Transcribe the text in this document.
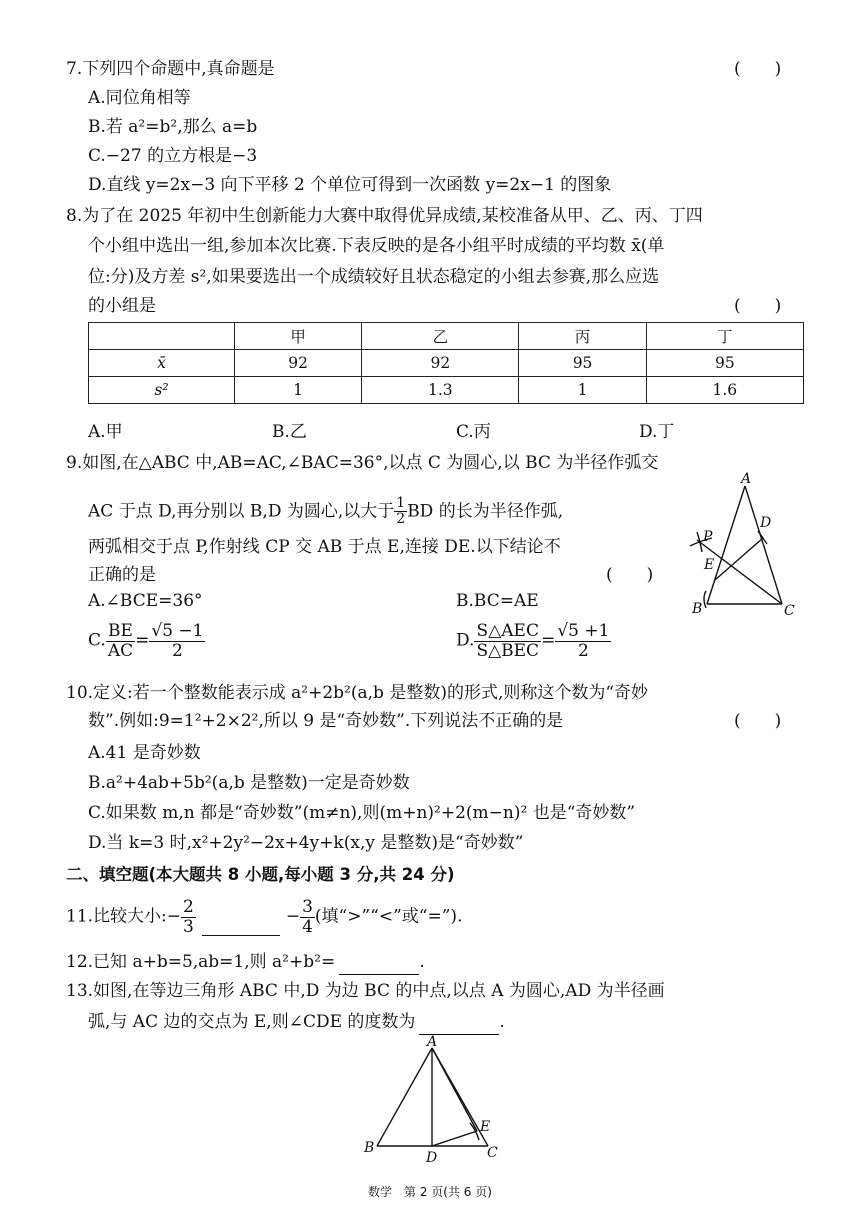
7.下列四个命题中,真命题是	(　　)
A.同位角相等
B.若 a²=b²,那么 a=b
C.−27 的立方根是−3
D.直线 y=2x−3 向下平移 2 个单位可得到一次函数 y=2x−1 的图象
8.为了在 2025 年初中生创新能力大赛中取得优异成绩,某校准备从甲、乙、丙、丁四
个小组中选出一组,参加本次比赛.下表反映的是各小组平时成绩的平均数 x̄(单
位:分)及方差 s²,如果要选出一个成绩较好且状态稳定的小组去参赛,那么应选
的小组是	(　　)
	甲	乙	丙	丁
x̄	92	92	95	95
s²	1	1.3	1	1.6
A.甲	B.乙	C.丙	D.丁
9.如图,在△ABC 中,AB=AC,∠BAC=36°,以点 C 为圆心,以 BC 为半径作弧交
AC 于点 D,再分别以 B,D 为圆心,以大于 $\frac{1}{2}$ BD 的长为半径作弧,
两弧相交于点 P,作射线 CP 交 AB 于点 E,连接 DE.以下结论不
正确的是	(　　)
A.∠BCE=36°	B.BC=AE
C. $\frac{BE}{AC} = \frac{√5 -1}{2}$	D. $\frac{\text{S△AEC}}{\text{S△BEC}} = \frac{√5 +1}{2}$
A
B	C
D
E
P
10.定义:若一个整数能表示成 a²+2b²(a,b 是整数)的形式,则称这个数为“奇妙
数”.例如:9=1²+2×2²,所以 9 是“奇妙数”.下列说法不正确的是	(　　)
A.41 是奇妙数
B.a²+4ab+5b²(a,b 是整数)一定是奇妙数
C.如果数 m,n 都是“奇妙数”(m≠n),则(m+n)²+2(m−n)² 也是“奇妙数”
D.当 k=3 时,x²+2y²−2x+4y+k(x,y 是整数)是“奇妙数”
二、填空题(本大题共 8 小题,每小题 3 分,共 24 分)
11.比较大小:− $\frac{2}{3}$	− $\frac{3}{4}$ (填“>”“<”或“=”).
12.已知 a+b=5,ab=1,则 a²+b²=	.
13.如图,在等边三角形 ABC 中,D 为边 BC 的中点,以点 A 为圆心,AD 为半径画
弧,与 AC 边的交点为 E,则∠CDE 的度数为	.
A
B	C
D
E
数学　第 2 页(共 6 页)
